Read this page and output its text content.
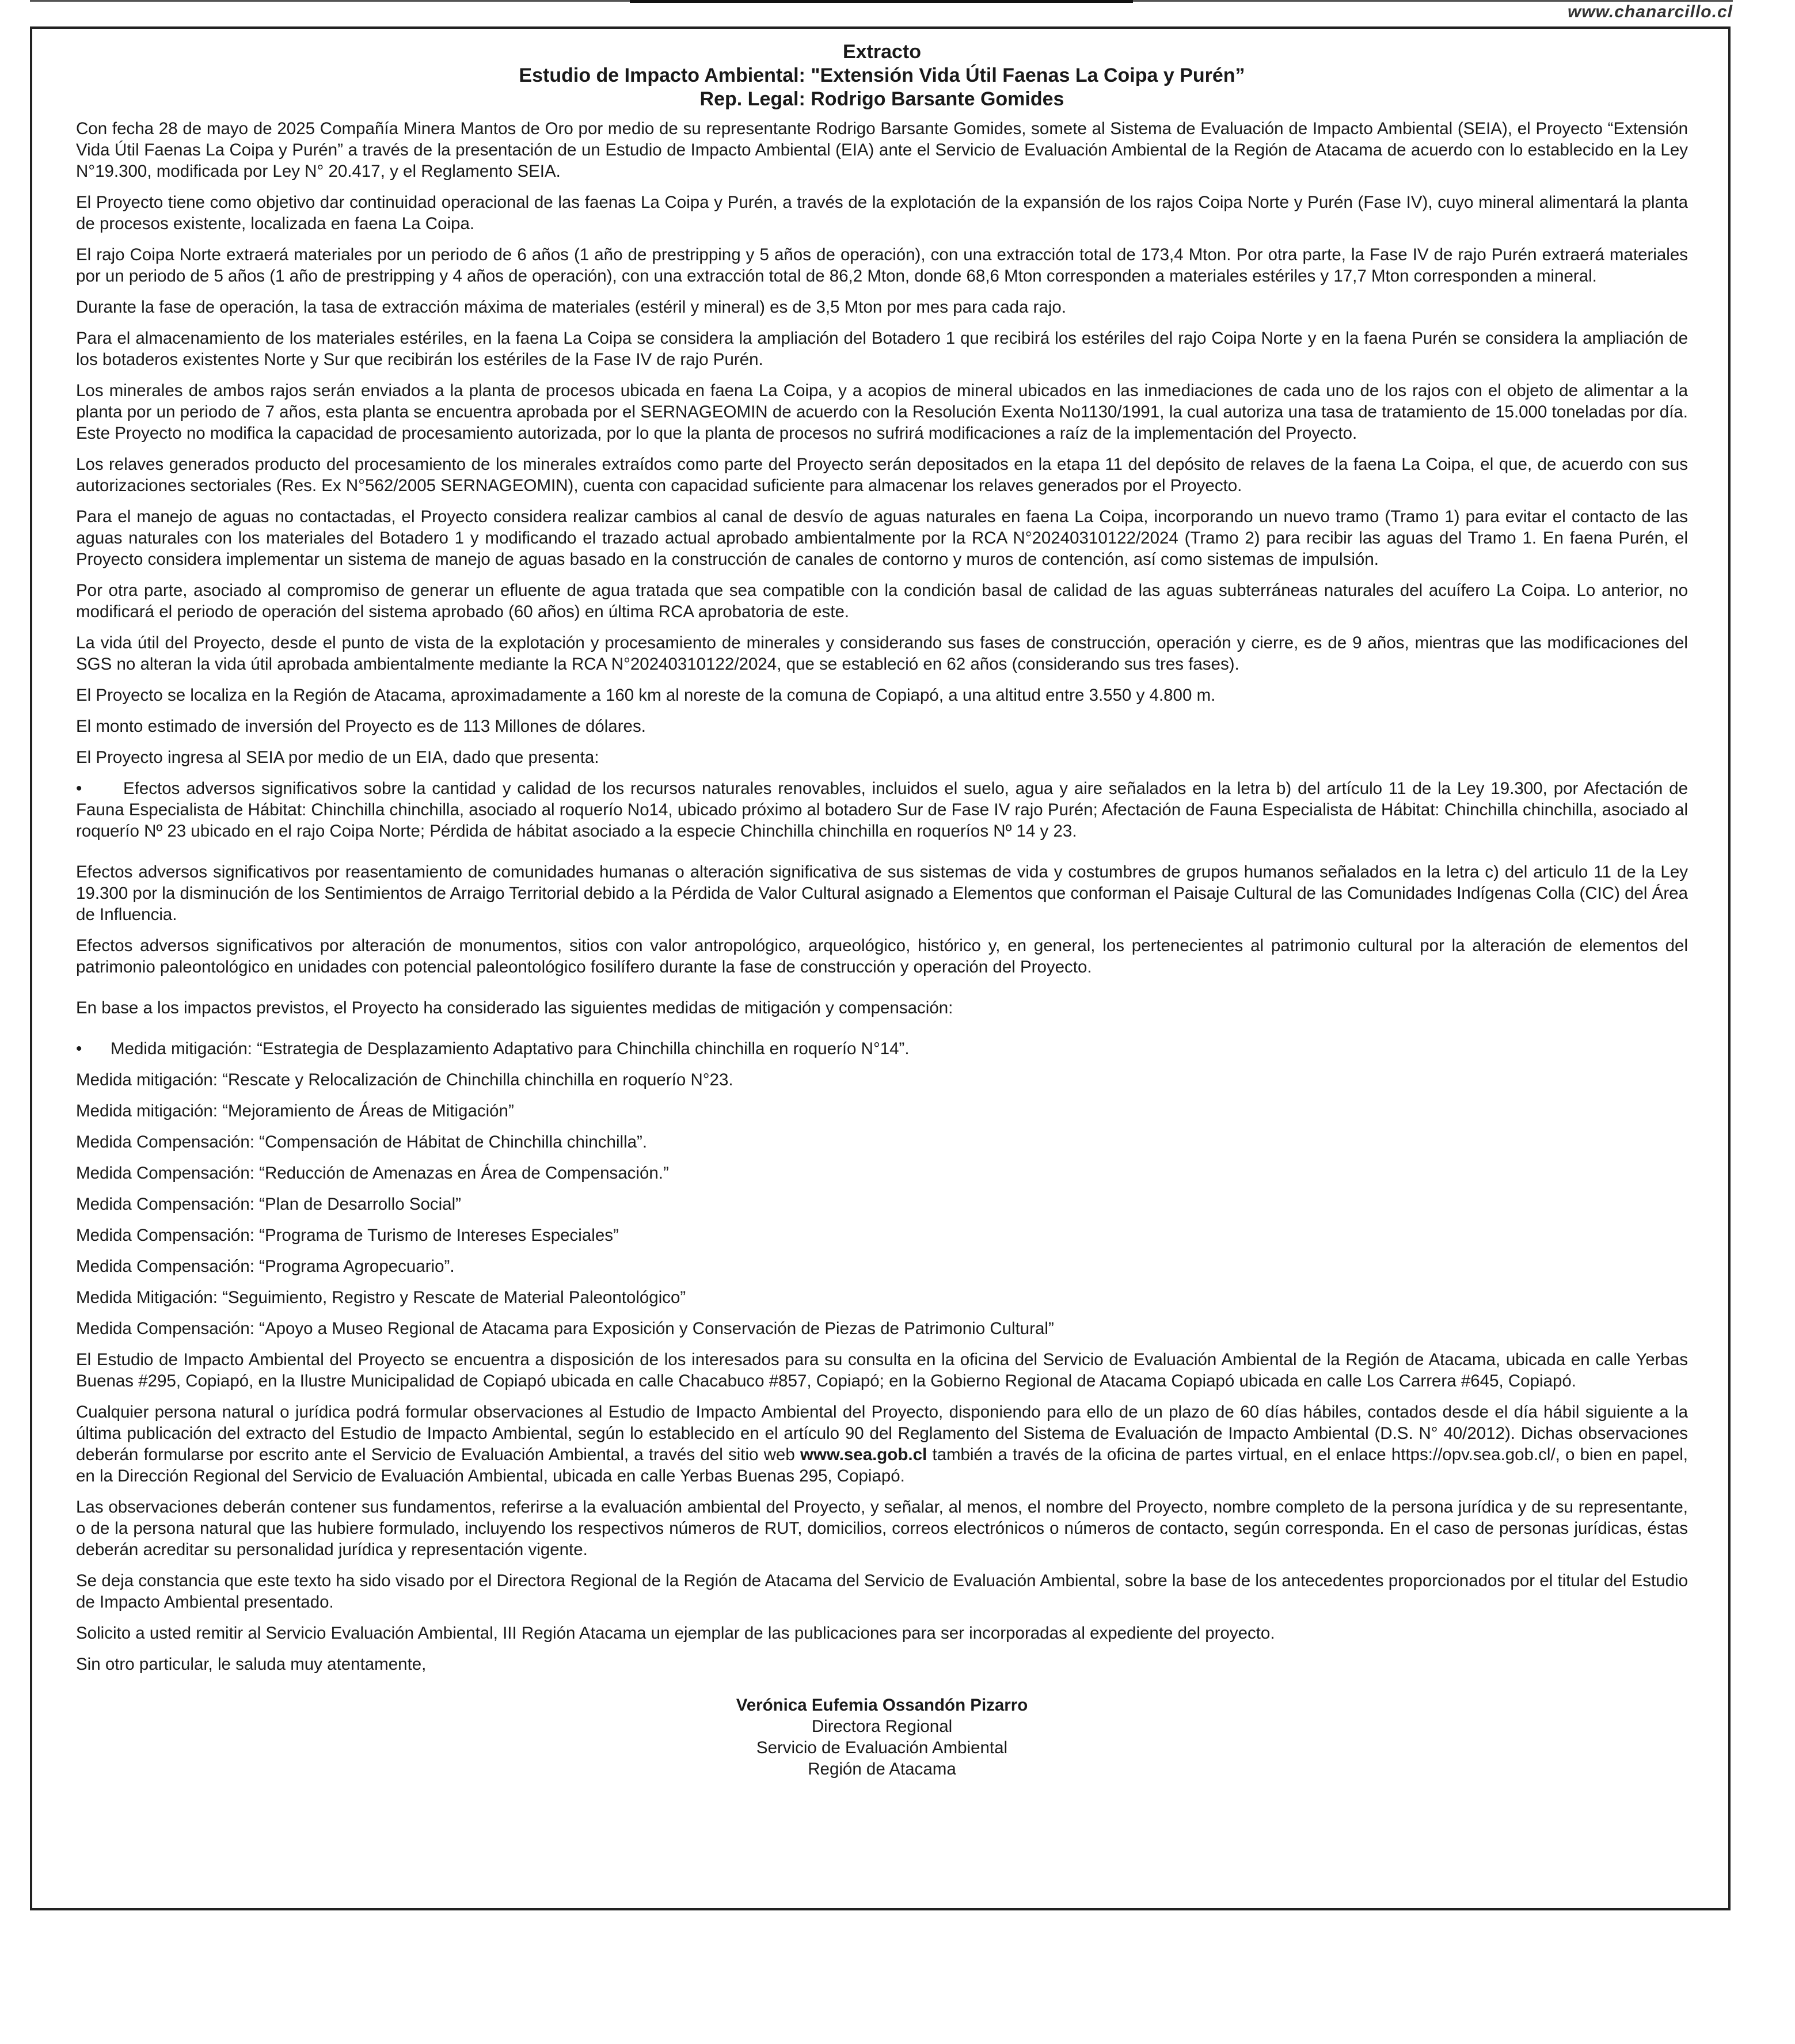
www.chanarcillo.cl
Extracto
Estudio de Impacto Ambiental: "Extensión Vida Útil Faenas La Coipa y Purén”
Rep. Legal: Rodrigo Barsante Gomides

Con fecha 28 de mayo de 2025 Compañía Minera Mantos de Oro por medio de su representante Rodrigo Barsante Gomides, somete al Sistema de Evaluación de Impacto Ambiental (SEIA), el Proyecto “Extensión Vida Útil Faenas La Coipa y Purén” a través de la presentación de un Estudio de Impacto Ambiental (EIA) ante el Servicio de Evaluación Ambiental de la Región de Atacama de acuerdo con lo establecido en la Ley N°19.300, modificada por Ley N° 20.417, y el Reglamento SEIA.

El Proyecto tiene como objetivo dar continuidad operacional de las faenas La Coipa y Purén, a través de la explotación de la expansión de los rajos Coipa Norte y Purén (Fase IV), cuyo mineral alimentará la planta de procesos existente, localizada en faena La Coipa.

El rajo Coipa Norte extraerá materiales por un periodo de 6 años (1 año de prestripping y 5 años de operación), con una extracción total de 173,4 Mton. Por otra parte, la Fase IV de rajo Purén extraerá materiales por un periodo de 5 años (1 año de prestripping y 4 años de operación), con una extracción total de 86,2 Mton, donde 68,6 Mton corresponden a materiales estériles y 17,7 Mton corresponden a mineral.

Durante la fase de operación, la tasa de extracción máxima de materiales (estéril y mineral) es de 3,5 Mton por mes para cada rajo.

Para el almacenamiento de los materiales estériles, en la faena La Coipa se considera la ampliación del Botadero 1 que recibirá los estériles del rajo Coipa Norte y en la faena Purén se considera la ampliación de los botaderos existentes Norte y Sur que recibirán los estériles de la Fase IV de rajo Purén.

Los minerales de ambos rajos serán enviados a la planta de procesos ubicada en faena La Coipa, y a acopios de mineral ubicados en las inmediaciones de cada uno de los rajos con el objeto de alimentar a la planta por un periodo de 7 años, esta planta se encuentra aprobada por el SERNAGEOMIN de acuerdo con la Resolución Exenta No1130/1991, la cual autoriza una tasa de tratamiento de 15.000 toneladas por día. Este Proyecto no modifica la capacidad de procesamiento autorizada, por lo que la planta de procesos no sufrirá modificaciones a raíz de la implementación del Proyecto.

Los relaves generados producto del procesamiento de los minerales extraídos como parte del Proyecto serán depositados en la etapa 11 del depósito de relaves de la faena La Coipa, el que, de acuerdo con sus autorizaciones sectoriales (Res. Ex N°562/2005 SERNAGEOMIN), cuenta con capacidad suficiente para almacenar los relaves generados por el Proyecto.

Para el manejo de aguas no contactadas, el Proyecto considera realizar cambios al canal de desvío de aguas naturales en faena La Coipa, incorporando un nuevo tramo (Tramo 1) para evitar el contacto de las aguas naturales con los materiales del Botadero 1 y modificando el trazado actual aprobado ambientalmente por la RCA N°20240310122/2024 (Tramo 2) para recibir las aguas del Tramo 1. En faena Purén, el Proyecto considera implementar un sistema de manejo de aguas basado en la construcción de canales de contorno y muros de contención, así como sistemas de impulsión.

Por otra parte, asociado al compromiso de generar un efluente de agua tratada que sea compatible con la condición basal de calidad de las aguas subterráneas naturales del acuífero La Coipa. Lo anterior, no modificará el periodo de operación del sistema aprobado (60 años) en última RCA aprobatoria de este.

La vida útil del Proyecto, desde el punto de vista de la explotación y procesamiento de minerales y considerando sus fases de construcción, operación y cierre, es de 9 años, mientras que las modificaciones del SGS no alteran la vida útil aprobada ambientalmente mediante la RCA N°20240310122/2024, que se estableció en 62 años (considerando sus tres fases).

El Proyecto se localiza en la Región de Atacama, aproximadamente a 160 km al noreste de la comuna de Copiapó, a una altitud entre 3.550 y 4.800 m.

El monto estimado de inversión del Proyecto es de 113 Millones de dólares.

El Proyecto ingresa al SEIA por medio de un EIA, dado que presenta:

• Efectos adversos significativos sobre la cantidad y calidad de los recursos naturales renovables, incluidos el suelo, agua y aire señalados en la letra b) del artículo 11 de la Ley 19.300, por Afectación de Fauna Especialista de Hábitat: Chinchilla chinchilla, asociado al roquerío No14, ubicado próximo al botadero Sur de Fase IV rajo Purén; Afectación de Fauna Especialista de Hábitat: Chinchilla chinchilla, asociado al roquerío Nº 23 ubicado en el rajo Coipa Norte; Pérdida de hábitat asociado a la especie Chinchilla chinchilla en roqueríos Nº 14 y 23.

Efectos adversos significativos por reasentamiento de comunidades humanas o alteración significativa de sus sistemas de vida y costumbres de grupos humanos señalados en la letra c) del articulo 11 de la Ley 19.300 por la disminución de los Sentimientos de Arraigo Territorial debido a la Pérdida de Valor Cultural asignado a Elementos que conforman el Paisaje Cultural de las Comunidades Indígenas Colla (CIC) del Área de Influencia.

Efectos adversos significativos por alteración de monumentos, sitios con valor antropológico, arqueológico, histórico y, en general, los pertenecientes al patrimonio cultural por la alteración de elementos del patrimonio paleontológico en unidades con potencial paleontológico fosilífero durante la fase de construcción y operación del Proyecto.

En base a los impactos previstos, el Proyecto ha considerado las siguientes medidas de mitigación y compensación:

• Medida mitigación: “Estrategia de Desplazamiento Adaptativo para Chinchilla chinchilla en roquerío N°14”.

Medida mitigación: “Rescate y Relocalización de Chinchilla chinchilla en roquerío N°23.

Medida mitigación: “Mejoramiento de Áreas de Mitigación”

Medida Compensación: “Compensación de Hábitat de Chinchilla chinchilla”.

Medida Compensación: “Reducción de Amenazas en Área de Compensación.”

Medida Compensación: “Plan de Desarrollo Social”

Medida Compensación: “Programa de Turismo de Intereses Especiales”

Medida Compensación: “Programa Agropecuario”.

Medida Mitigación: “Seguimiento, Registro y Rescate de Material Paleontológico”

Medida Compensación: “Apoyo a Museo Regional de Atacama para Exposición y Conservación de Piezas de Patrimonio Cultural”

El Estudio de Impacto Ambiental del Proyecto se encuentra a disposición de los interesados para su consulta en la oficina del Servicio de Evaluación Ambiental de la Región de Atacama, ubicada en calle Yerbas Buenas #295, Copiapó, en la Ilustre Municipalidad de Copiapó ubicada en calle Chacabuco #857, Copiapó; en la Gobierno Regional de Atacama Copiapó ubicada en calle Los Carrera #645, Copiapó.

Cualquier persona natural o jurídica podrá formular observaciones al Estudio de Impacto Ambiental del Proyecto, disponiendo para ello de un plazo de 60 días hábiles, contados desde el día hábil siguiente a la última publicación del extracto del Estudio de Impacto Ambiental, según lo establecido en el artículo 90 del Reglamento del Sistema de Evaluación de Impacto Ambiental (D.S. N° 40/2012). Dichas observaciones deberán formularse por escrito ante el Servicio de Evaluación Ambiental, a través del sitio web www.sea.gob.cl también a través de la oficina de partes virtual, en el enlace https://opv.sea.gob.cl/, o bien en papel, en la Dirección Regional del Servicio de Evaluación Ambiental, ubicada en calle Yerbas Buenas 295, Copiapó.

Las observaciones deberán contener sus fundamentos, referirse a la evaluación ambiental del Proyecto, y señalar, al menos, el nombre del Proyecto, nombre completo de la persona jurídica y de su representante, o de la persona natural que las hubiere formulado, incluyendo los respectivos números de RUT, domicilios, correos electrónicos o números de contacto, según corresponda. En el caso de personas jurídicas, éstas deberán acreditar su personalidad jurídica y representación vigente.

Se deja constancia que este texto ha sido visado por el Directora Regional de la Región de Atacama del Servicio de Evaluación Ambiental, sobre la base de los antecedentes proporcionados por el titular del Estudio de Impacto Ambiental presentado.

Solicito a usted remitir al Servicio Evaluación Ambiental, III Región Atacama un ejemplar de las publicaciones para ser incorporadas al expediente del proyecto.

Sin otro particular, le saluda muy atentamente,

Verónica Eufemia Ossandón Pizarro
Directora Regional
Servicio de Evaluación Ambiental
Región de Atacama
